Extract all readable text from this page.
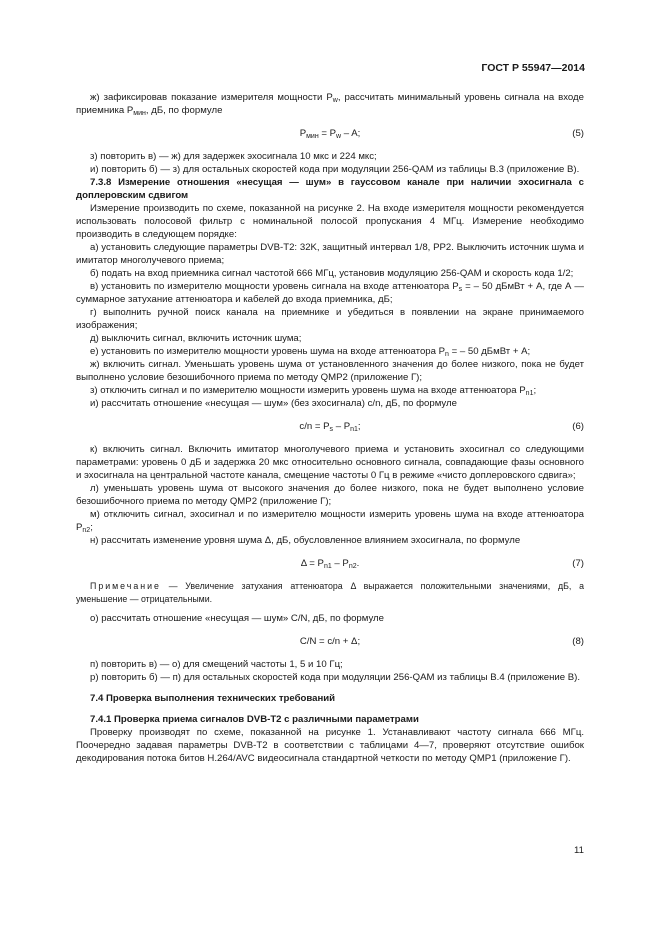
ГОСТ Р 55947—2014

ж) зафиксировав показание измерителя мощности $P_w$, рассчитать минимальный уровень сигнала на входе приемника $P_{мин}$, дБ, по формуле

$P_{мин} = P_w - A$;	(5)

з) повторить в) — ж) для задержек эхосигнала 10 мкс и 224 мкс;

и) повторить б) — з) для остальных скоростей кода при модуляции 256-QAM из таблицы В.3 (приложение В).

7.3.8 Измерение отношения «несущая — шум» в гауссовом канале при наличии эхосигнала с доплеровским сдвигом

Измерение производить по схеме, показанной на рисунке 2. На входе измерителя мощности рекомендуется использовать полосовой фильтр с номинальной полосой пропускания 4 МГц. Измерение необходимо производить в следующем порядке:

а) установить следующие параметры DVB-T2: 32K, защитный интервал 1/8, PP2. Выключить источник шума и имитатор многолучевого приема;

б) подать на вход приемника сигнал частотой 666 МГц, установив модуляцию 256-QAM и скорость кода 1/2;

в) установить по измерителю мощности уровень сигнала на входе аттенюатора $P_s$ = – 50 дБмВт + А, где А — суммарное затухание аттенюатора и кабелей до входа приемника, дБ;

г) выполнить ручной поиск канала на приемнике и убедиться в появлении на экране принимаемого изображения;

д) выключить сигнал, включить источник шума;

е) установить по измерителю мощности уровень шума на входе аттенюатора $P_n$ = – 50 дБмВт + А;

ж) включить сигнал. Уменьшать уровень шума от установленного значения до более низкого, пока не будет выполнено условие безошибочного приема по методу QMP2 (приложение Г);

з) отключить сигнал и по измерителю мощности измерить уровень шума на входе аттенюатора $P_{n1}$;

и) рассчитать отношение «несущая — шум» (без эхосигнала) c/n, дБ, по формуле

$c/n = P_s - P_{n1}$;	(6)

к) включить сигнал. Включить имитатор многолучевого приема и установить эхосигнал со следующими параметрами: уровень 0 дБ и задержка 20 мкс относительно основного сигнала, совпадающие фазы основного и эхосигнала на центральной частоте канала, смещение частоты 0 Гц в режиме «чисто доплеровского сдвига»;

л) уменьшать уровень шума от высокого значения до более низкого, пока не будет выполнено условие безошибочного приема по методу QMP2 (приложение Г);

м) отключить сигнал, эхосигнал и по измерителю мощности измерить уровень шума на входе аттенюатора $P_{n2}$;

н) рассчитать изменение уровня шума Δ, дБ, обусловленное влиянием эхосигнала, по формуле

$\Delta = P_{n1} - P_{n2}$.	(7)

Примечание — Увеличение затухания аттенюатора Δ выражается положительными значениями, дБ, а уменьшение — отрицательными.

о) рассчитать отношение «несущая — шум» C/N, дБ, по формуле

C/N = c/n + Δ;	(8)

п) повторить в) — о) для смещений частоты 1, 5 и 10 Гц;

р) повторить б) — п) для остальных скоростей кода при модуляции 256-QAM из таблицы В.4 (приложение В).

7.4 Проверка выполнения технических требований

7.4.1 Проверка приема сигналов DVB-T2 с различными параметрами

Проверку производят по схеме, показанной на рисунке 1. Устанавливают частоту сигнала 666 МГц. Поочередно задавая параметры DVB-T2 в соответствии с таблицами 4—7, проверяют отсутствие ошибок декодирования потока битов H.264/AVC видеосигнала стандартной четкости по методу QMP1 (приложение Г).

11
